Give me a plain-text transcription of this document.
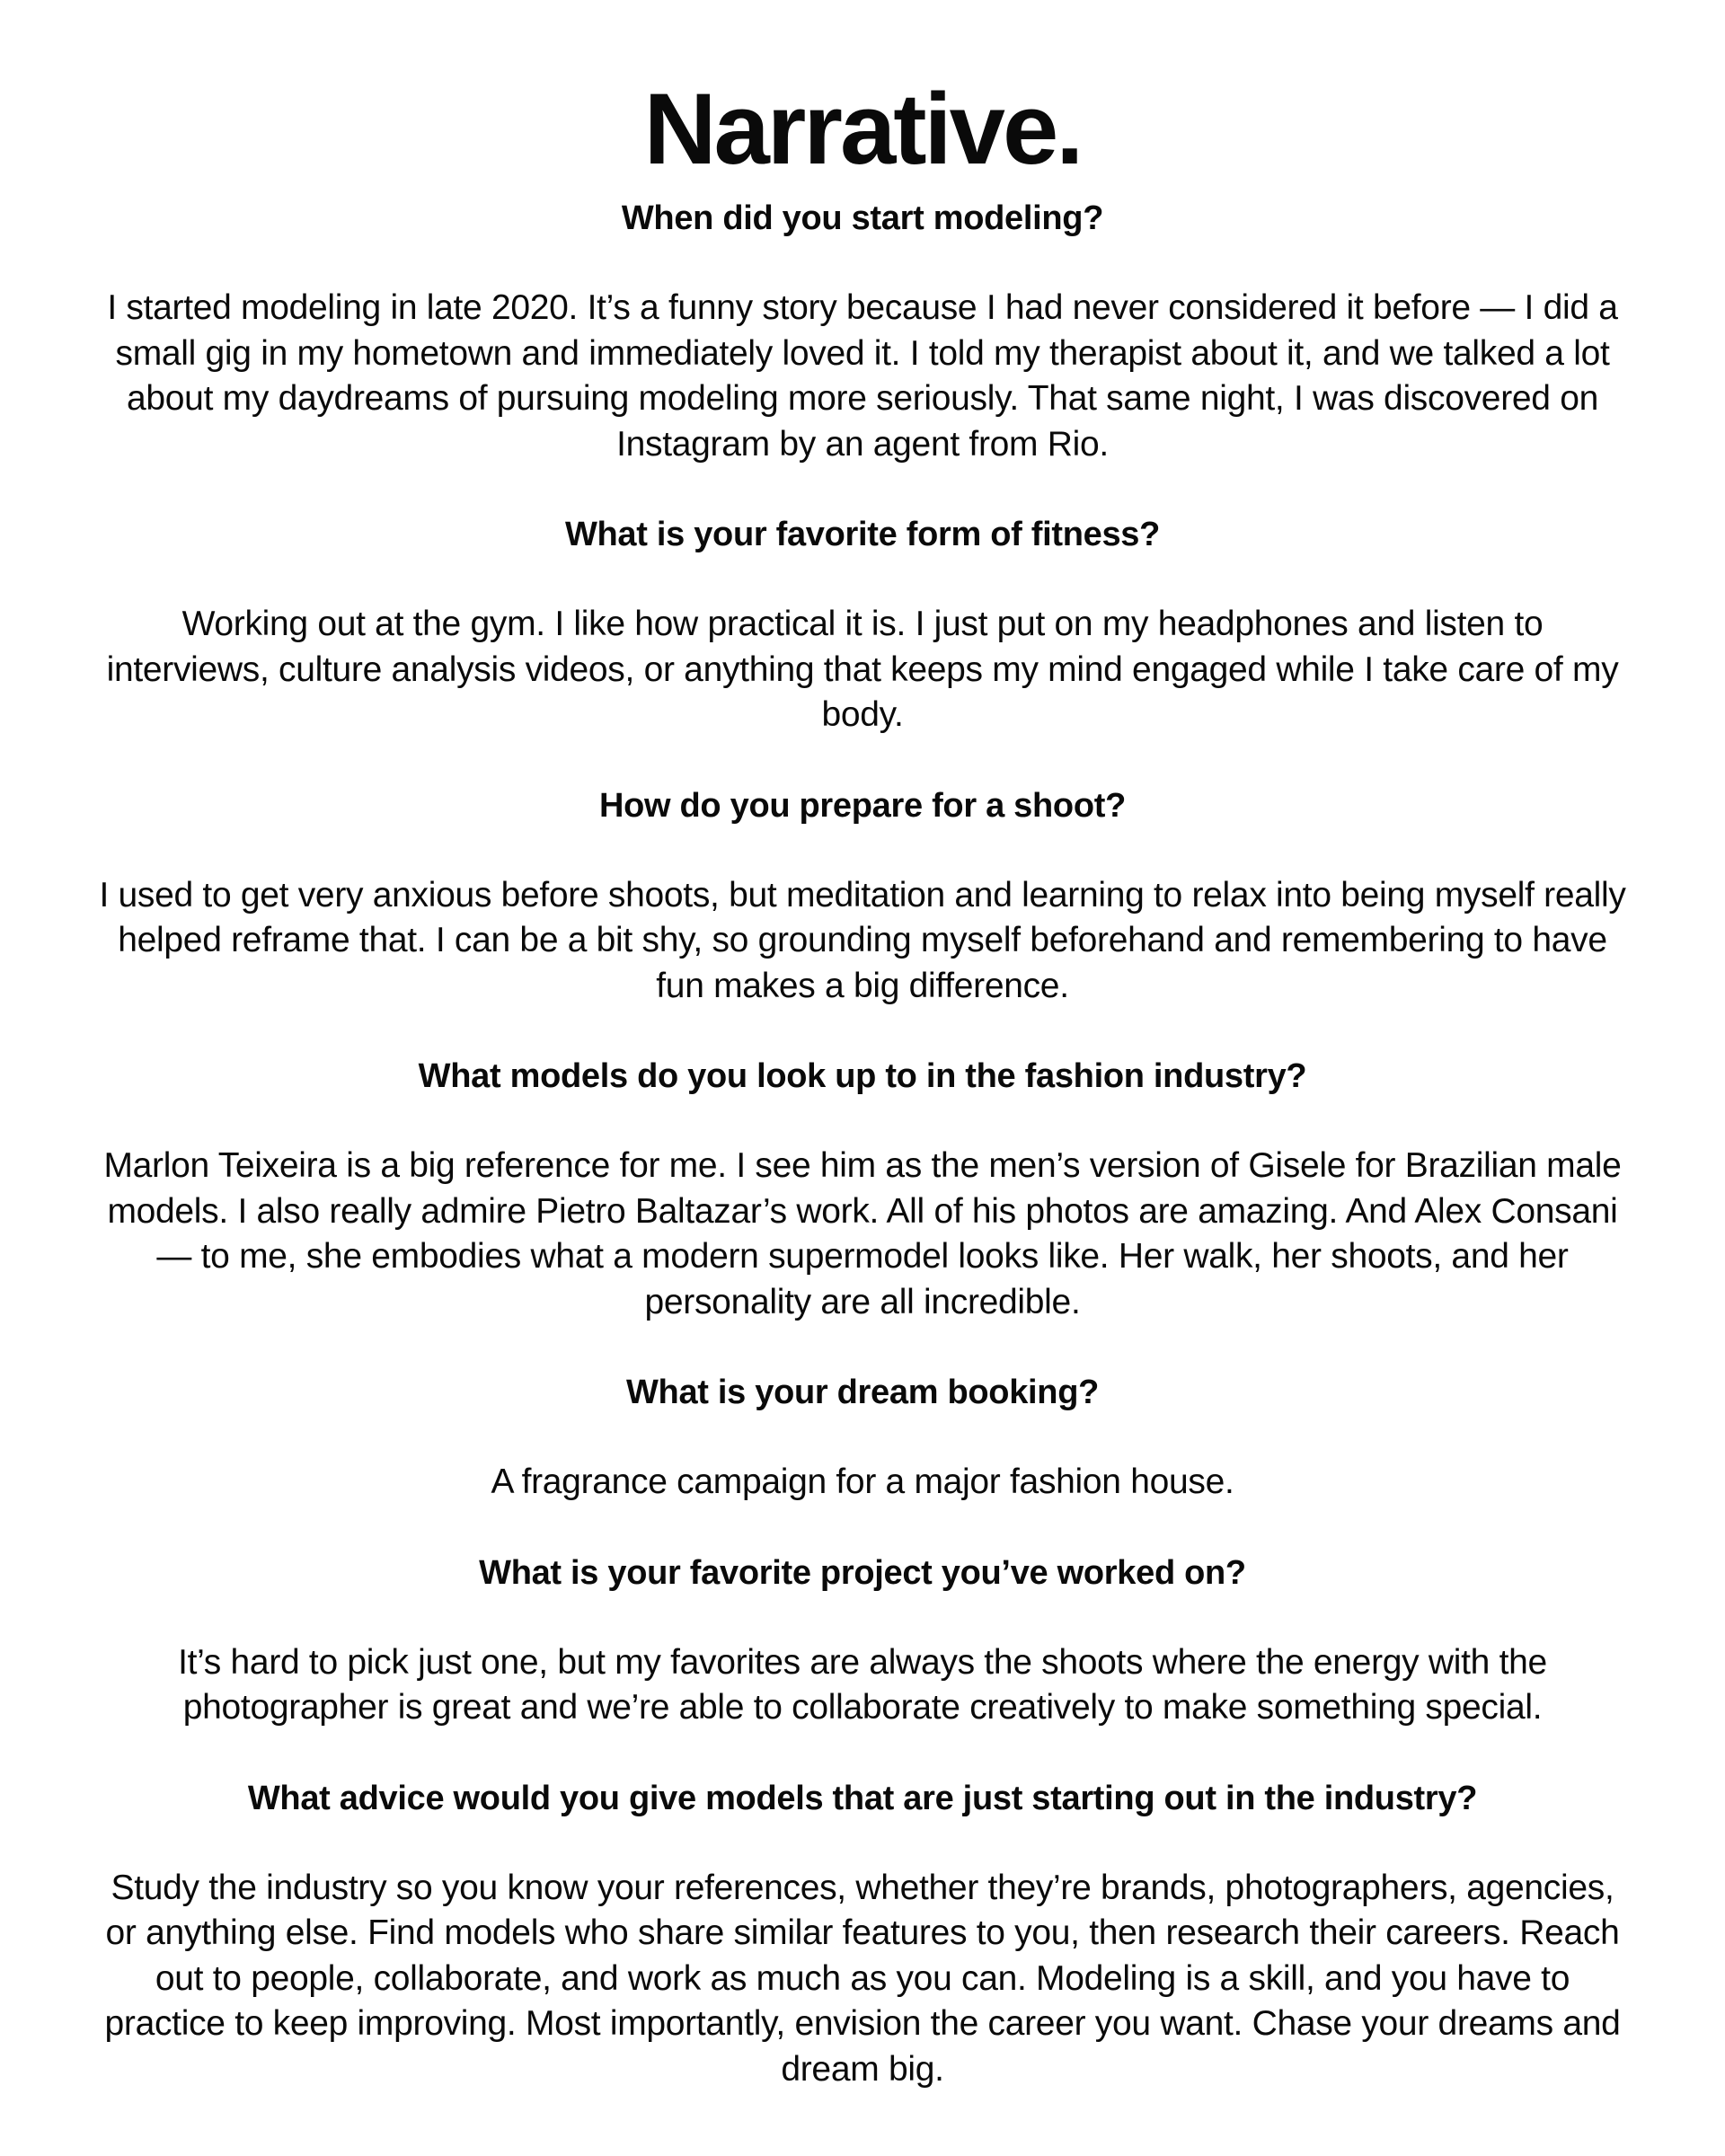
Narrative.
When did you start modeling?

I started modeling in late 2020. It’s a funny story because I had never considered it before — I did a small gig in my hometown and immediately loved it. I told my therapist about it, and we talked a lot about my daydreams of pursuing modeling more seriously. That same night, I was discovered on Instagram by an agent from Rio.

What is your favorite form of fitness?

Working out at the gym. I like how practical it is. I just put on my headphones and listen to interviews, culture analysis videos, or anything that keeps my mind engaged while I take care of my body.

How do you prepare for a shoot?

I used to get very anxious before shoots, but meditation and learning to relax into being myself really helped reframe that. I can be a bit shy, so grounding myself beforehand and remembering to have fun makes a big difference.

What models do you look up to in the fashion industry?

Marlon Teixeira is a big reference for me. I see him as the men’s version of Gisele for Brazilian male models. I also really admire Pietro Baltazar’s work. All of his photos are amazing. And Alex Consani — to me, she embodies what a modern supermodel looks like. Her walk, her shoots, and her personality are all incredible.

What is your dream booking?

A fragrance campaign for a major fashion house.

What is your favorite project you’ve worked on?

It’s hard to pick just one, but my favorites are always the shoots where the energy with the photographer is great and we’re able to collaborate creatively to make something special.

What advice would you give models that are just starting out in the industry?

Study the industry so you know your references, whether they’re brands, photographers, agencies, or anything else. Find models who share similar features to you, then research their careers. Reach out to people, collaborate, and work as much as you can. Modeling is a skill, and you have to practice to keep improving. Most importantly, envision the career you want. Chase your dreams and dream big.
